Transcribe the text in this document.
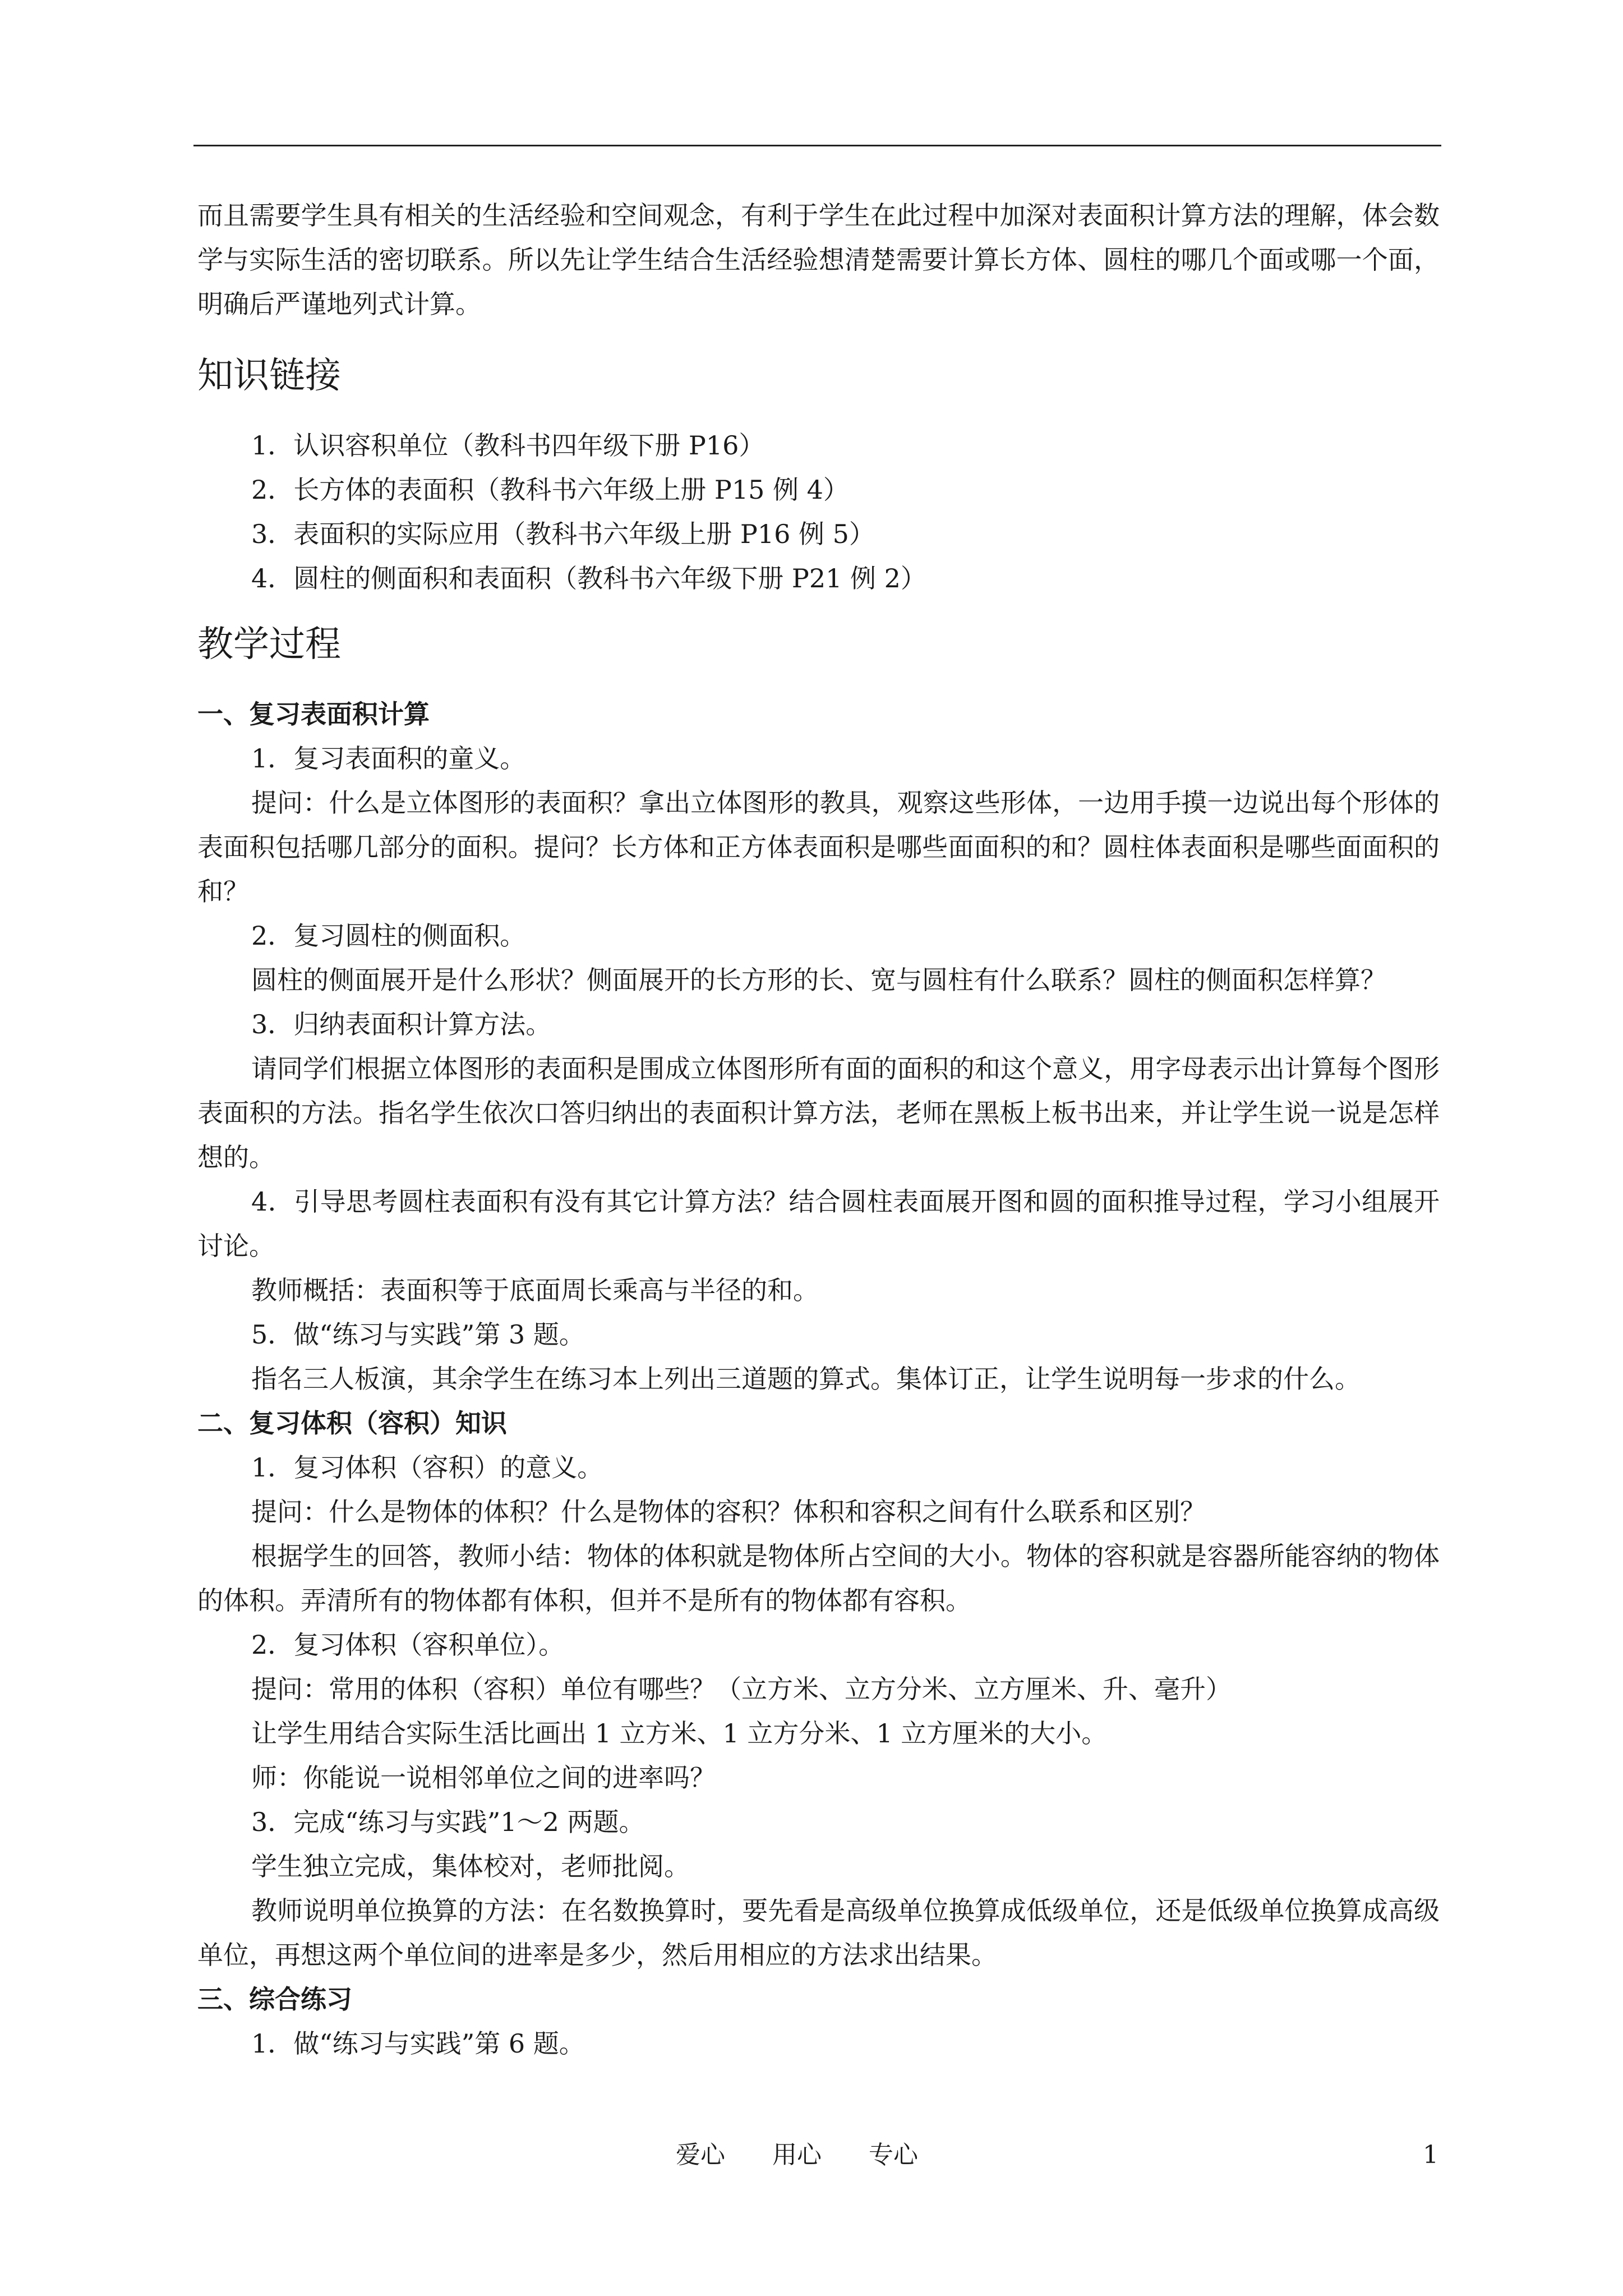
而且需要学生具有相关的生活经验和空间观念，有利于学生在此过程中加深对表面积计算方法的理解，体会数学与实际生活的密切联系。所以先让学生结合生活经验想清楚需要计算长方体、圆柱的哪几个面或哪一个面，明确后严谨地列式计算。

知识链接
1．认识容积单位（教科书四年级下册 P16）
2．长方体的表面积（教科书六年级上册 P15 例 4）
3．表面积的实际应用（教科书六年级上册 P16 例 5）
4．圆柱的侧面积和表面积（教科书六年级下册 P21 例 2）
教学过程

一、复习表面积计算

1．复习表面积的童义。

提问：什么是立体图形的表面积？拿出立体图形的教具，观察这些形体，一边用手摸一边说出每个形体的表面积包括哪几部分的面积。提问？长方体和正方体表面积是哪些面面积的和？圆柱体表面积是哪些面面积的和？

2．复习圆柱的侧面积。

圆柱的侧面展开是什么形状？侧面展开的长方形的长、宽与圆柱有什么联系？圆柱的侧面积怎样算？

3．归纳表面积计算方法。

请同学们根据立体图形的表面积是围成立体图形所有面的面积的和这个意义，用字母表示出计算每个图形表面积的方法。指名学生依次口答归纳出的表面积计算方法，老师在黑板上板书出来，并让学生说一说是怎样想的。

4．引导思考圆柱表面积有没有其它计算方法？结合圆柱表面展开图和圆的面积推导过程，学习小组展开讨论。

教师概括：表面积等于底面周长乘高与半径的和。

5．做“练习与实践”第 3 题。

指名三人板演，其余学生在练习本上列出三道题的算式。集体订正，让学生说明每一步求的什么。

二、复习体积（容积）知识

1．复习体积（容积）的意义。

提问：什么是物体的体积？什么是物体的容积？体积和容积之间有什么联系和区别？

根据学生的回答，教师小结：物体的体积就是物体所占空间的大小。物体的容积就是容器所能容纳的物体的体积。弄清所有的物体都有体积，但并不是所有的物体都有容积。

2．复习体积（容积单位）。

提问：常用的体积（容积）单位有哪些？（立方米、立方分米、立方厘米、升、毫升）

让学生用结合实际生活比画出 1 立方米、1 立方分米、1 立方厘米的大小。

师：你能说一说相邻单位之间的进率吗？

3．完成“练习与实践”1～2 两题。

学生独立完成，集体校对，老师批阅。

教师说明单位换算的方法：在名数换算时，要先看是高级单位换算成低级单位，还是低级单位换算成高级单位，再想这两个单位间的进率是多少，然后用相应的方法求出结果。

三、综合练习

1．做“练习与实践”第 6 题。

爱心 用心 专心	1
